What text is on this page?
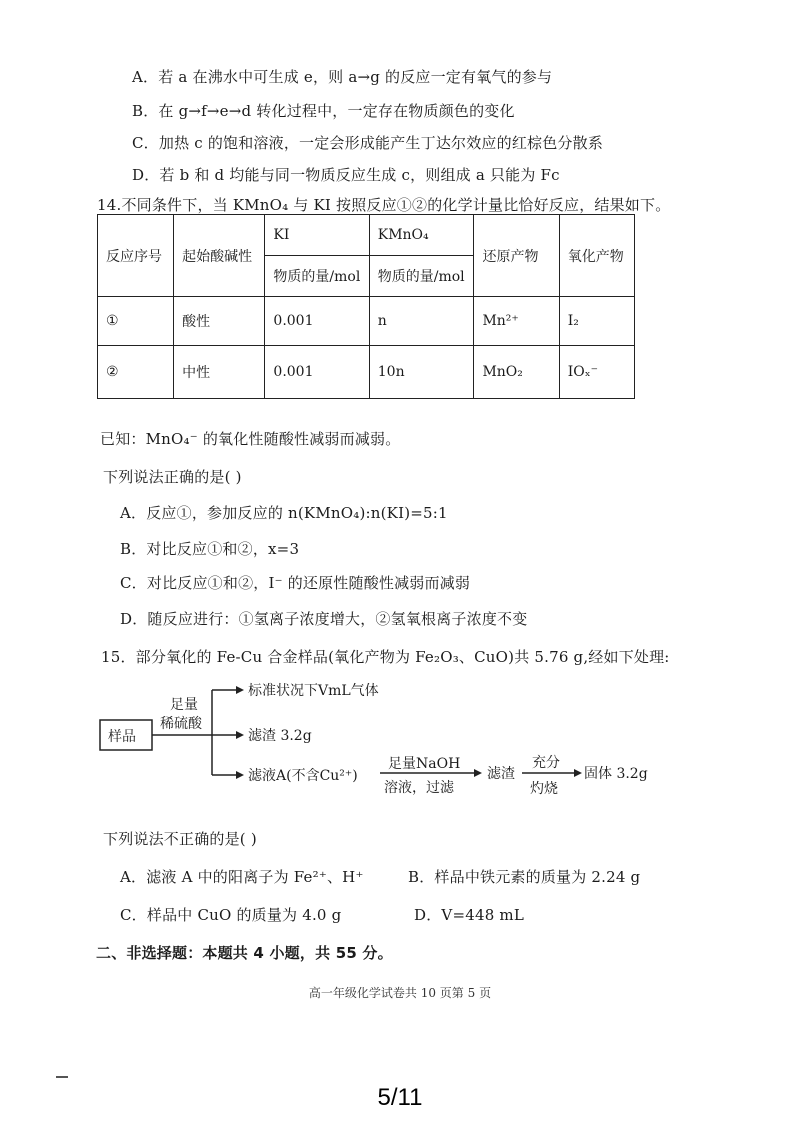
A．若 a 在沸水中可生成 e，则 a→g 的反应一定有氧气的参与
B．在 g→f→e→d 转化过程中，一定存在物质颜色的变化
C．加热 c 的饱和溶液，一定会形成能产生丁达尔效应的红棕色分散系
D．若 b 和 d 均能与同一物质反应生成 c，则组成 a 只能为 Fc
14.不同条件下，当 KMnO₄ 与 KI 按照反应①②的化学计量比恰好反应，结果如下。
反应序号	起始酸碱性	KI	KMnO₄	还原产物	氧化产物
		物质的量/mol	物质的量/mol		
①	酸性	0.001	n	Mn²⁺	I₂
②	中性	0.001	10n	MnO₂	IOₓ⁻
已知：MnO₄⁻ 的氧化性随酸性减弱而减弱。
下列说法正确的是( )
A．反应①，参加反应的 n(KMnO₄):n(KI)=5:1
B．对比反应①和②，x=3
C．对比反应①和②，I⁻ 的还原性随酸性减弱而减弱
D．随反应进行：①氢离子浓度增大，②氢氧根离子浓度不变
15．部分氧化的 Fe-Cu 合金样品(氧化产物为 Fe₂O₃、CuO)共 5.76 g,经如下处理:
样品
足量
稀硫酸
标准状况下VmL气体
滤渣 3.2g
滤液A(不含Cu²⁺)
足量NaOH
溶液，过滤
滤渣
充分
灼烧
固体 3.2g
下列说法不正确的是( )
A．滤液 A 中的阳离子为 Fe²⁺、H⁺	B．样品中铁元素的质量为 2.24 g
C．样品中 CuO 的质量为 4.0 g	D．V=448 mL
二、非选择题：本题共 4 小题，共 55 分。
高一年级化学试卷共 10 页第 5 页
5/11
